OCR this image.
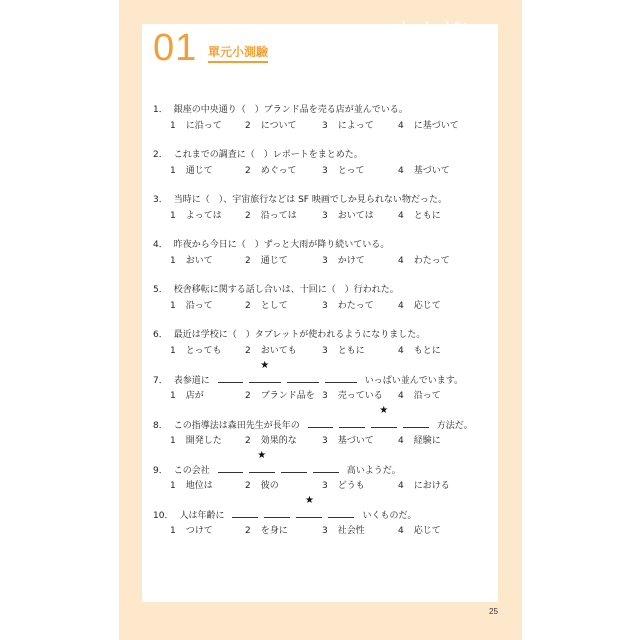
01 單元小測驗
1． 銀座の中央通り（　）ブランド品を売る店が並んでいる。
1 に沿って	2 について	3 によって	4 に基づいて
2． これまでの調査に（　）レポートをまとめた。
1 通じて	2 めぐって	3 とって	4 基づいて
3． 当時に（　）、宇宙旅行などは SF 映画でしか見られない物だった。
1 よっては	2 沿っては	3 おいては	4 ともに
4． 昨夜から今日に（　）ずっと大雨が降り続いている。
1 おいて	2 通じて	3 かけて	4 わたって
5． 校舎移転に関する話し合いは、十回に（　）行われた。
1 沿って	2 として	3 わたって	4 応じて
6． 最近は学校に（　）タブレットが使われるようになりました。
1 とっても	2 おいても	3 ともに	4 もとに
7． 表参道に
★
いっぱい並んでいます。
1 店が	2 ブランド品を 3 売っている 4 沿って
8． この指導法は森田先生が長年の
★
方法だ。
1 開発した	2 効果的な	3 基づいて	4 経験に
9． この会社
★
高いようだ。
1 地位は	2 彼の	3 どうも	4 における
10． 人は年齢に
★
いくものだ。
1 つけて	2 を身に	3 社会性	4 応じて
25
